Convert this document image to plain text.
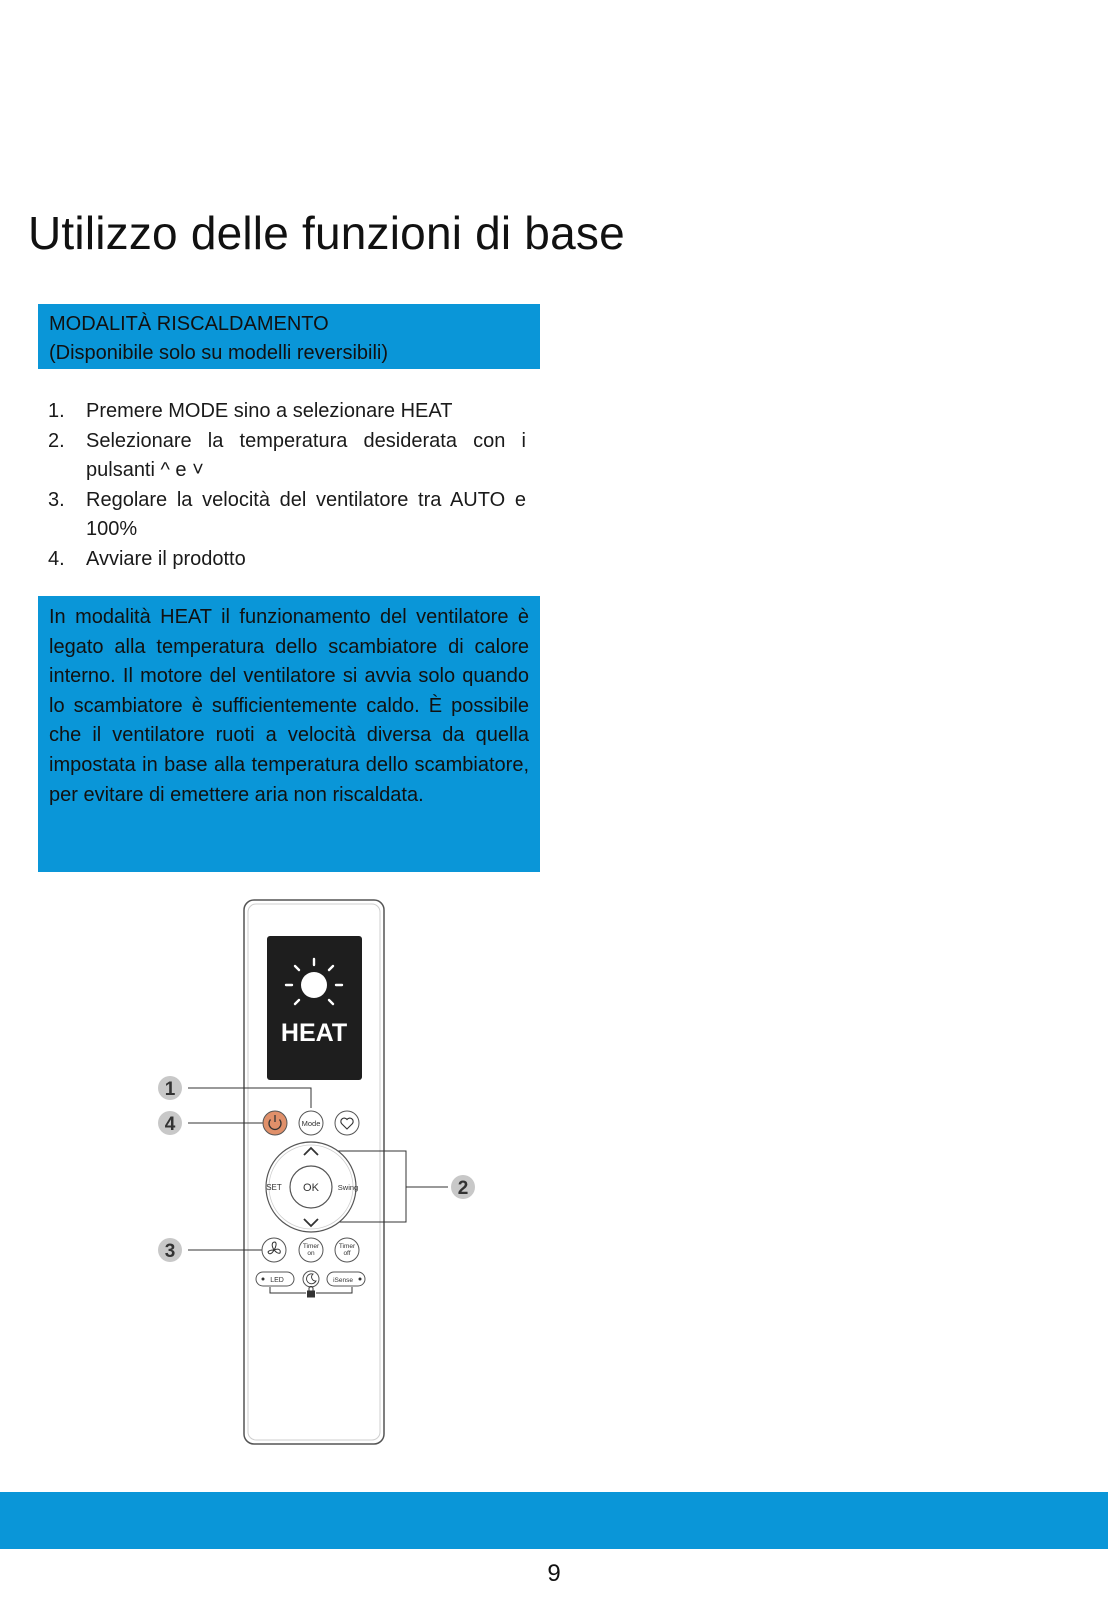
Utilizzo delle funzioni di base
MODALITÀ RISCALDAMENTO
(Disponibile solo su modelli reversibili)
1. Premere MODE sino a selezionare HEAT
2. Selezionare la temperatura desiderata con i pulsanti ^ e ˅
3. Regolare la velocità del ventilatore tra AUTO e 100%
4. Avviare il prodotto
In modalità HEAT il funzionamento del ventilatore è legato alla temperatura dello scambiatore di calore interno. Il motore del ventilatore si avvia solo quando lo scambiatore è sufficientemente caldo. È possibile che il ventilatore ruoti a velocità diversa da quella impostata in base alla temperatura dello scambiatore, per evitare di emettere aria non riscaldata.
HEAT
1
4
2
3
Mode
SET	Swing
OK
Timer
on
Timer
off
LED	iSense
9
